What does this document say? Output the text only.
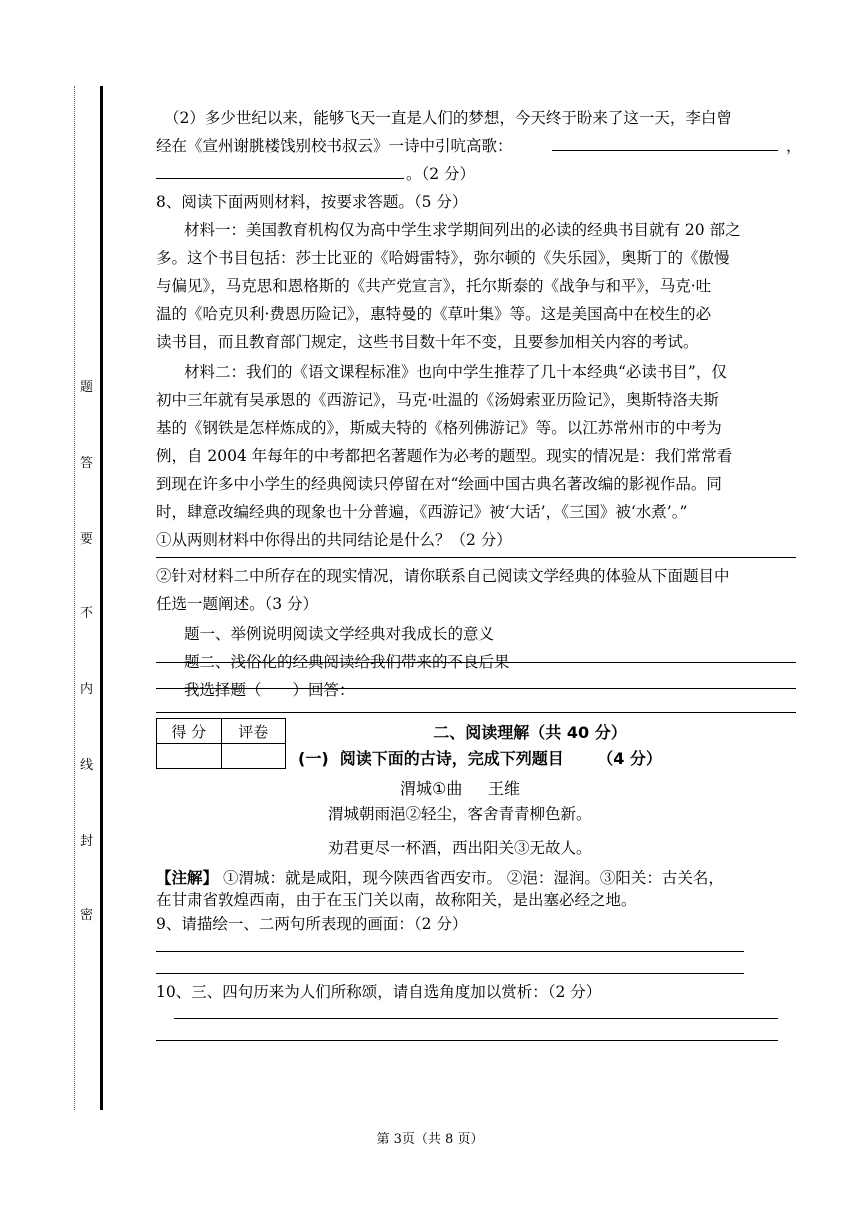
题
答
要
不
内
线
封
密
（2）多少世纪以来，能够飞天一直是人们的梦想，今天终于盼来了这一天，李白曾
经在《宣州谢朓楼饯别校书叔云》一诗中引吭高歌：	，
。（2 分）
8、阅读下面两则材料，按要求答题。（5 分）
材料一：美国教育机构仅为高中学生求学期间列出的必读的经典书目就有 20 部之
多。这个书目包括：莎士比亚的《哈姆雷特》，弥尔顿的《失乐园》，奥斯丁的《傲慢
与偏见》，马克思和恩格斯的《共产党宣言》，托尔斯泰的《战争与和平》，马克·吐
温的《哈克贝利·费恩历险记》，惠特曼的《草叶集》等。这是美国高中在校生的必
读书目，而且教育部门规定，这些书目数十年不变，且要参加相关内容的考试。
材料二：我们的《语文课程标准》也向中学生推荐了几十本经典“必读书目”，仅
初中三年就有吴承恩的《西游记》，马克·吐温的《汤姆索亚历险记》，奥斯特洛夫斯
基的《钢铁是怎样炼成的》，斯威夫特的《格列佛游记》等。以江苏常州市的中考为
例，自 2004 年每年的中考都把名著题作为必考的题型。现实的情况是：我们常常看
到现在许多中小学生的经典阅读只停留在对“绘画中国古典名著改编的影视作品。同
时，肆意改编经典的现象也十分普遍，《西游记》被‘大话’，《三国》被‘水煮’。”
①从两则材料中你得出的共同结论是什么？（2 分）
②针对材料二中所存在的现实情况，请你联系自己阅读文学经典的体验从下面题目中
任选一题阐述。（3 分）
题一、举例说明阅读文学经典对我成长的意义
题二、浅俗化的经典阅读给我们带来的不良后果
我选择题（　　）回答：
得 分	评卷
		二、阅读理解（共 40 分）
(一)  阅读下面的古诗，完成下列题目      （4 分）
渭城①曲 王维
渭城朝雨浥②轻尘，客舍青青柳色新。
劝君更尽一杯酒，西出阳关③无故人。
【注解】 ①渭城：就是咸阳，现今陕西省西安市。 ②浥：湿润。③阳关：古关名，
在甘肃省敦煌西南，由于在玉门关以南，故称阳关，是出塞必经之地。
9、请描绘一、二两句所表现的画面：（2 分）
10、三、四句历来为人们所称颂，请自选角度加以赏析：（2 分）
第 3页（共 8 页）
